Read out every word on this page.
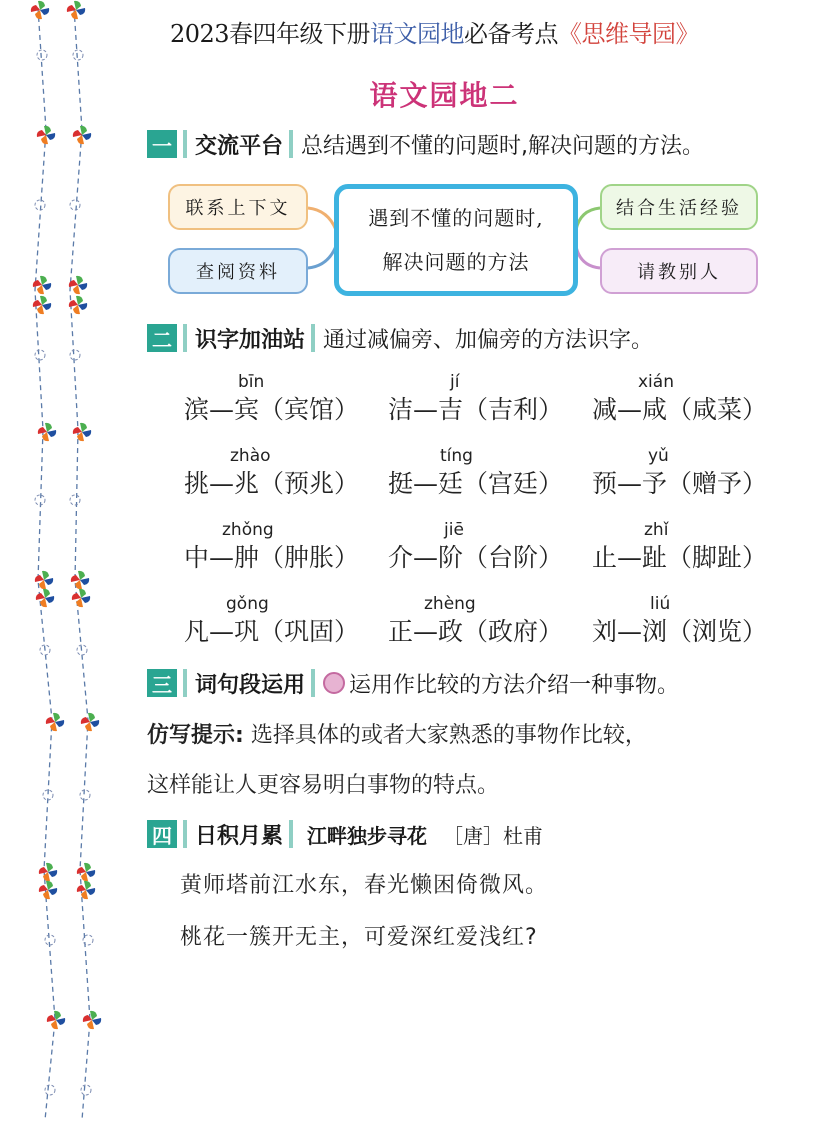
2023春四年级下册语文园地必备考点《思维导园》
语文园地二
一 交流平台 总结遇到不懂的问题时,解决问题的方法。
联系上下文
查阅资料
遇到不懂的问题时,
解决问题的方法
结合生活经验
请教别人
二 识字加油站 通过减偏旁、加偏旁的方法识字。
bīn
滨—宾（宾馆）
jí
洁—吉（吉利）
xián
减—咸（咸菜）
zhào
挑—兆（预兆）
tíng
挺—廷（宫廷）
yǔ
预—予（赠予）
zhǒng
中—肿（肿胀）
jiē
介—阶（台阶）
zhǐ
止—趾（脚趾）
gǒng
凡—巩（巩固）
zhèng
正—政（政府）
liú
刘—浏（浏览）
三 词句段运用 运用作比较的方法介绍一种事物。
仿写提示: 选择具体的或者大家熟悉的事物作比较，
这样能让人更容易明白事物的特点。
四 日积月累 江畔独步寻花 ［唐］ 杜甫
黄师塔前江水东，春光懒困倚微风。
桃花一簇开无主，可爱深红爱浅红?
